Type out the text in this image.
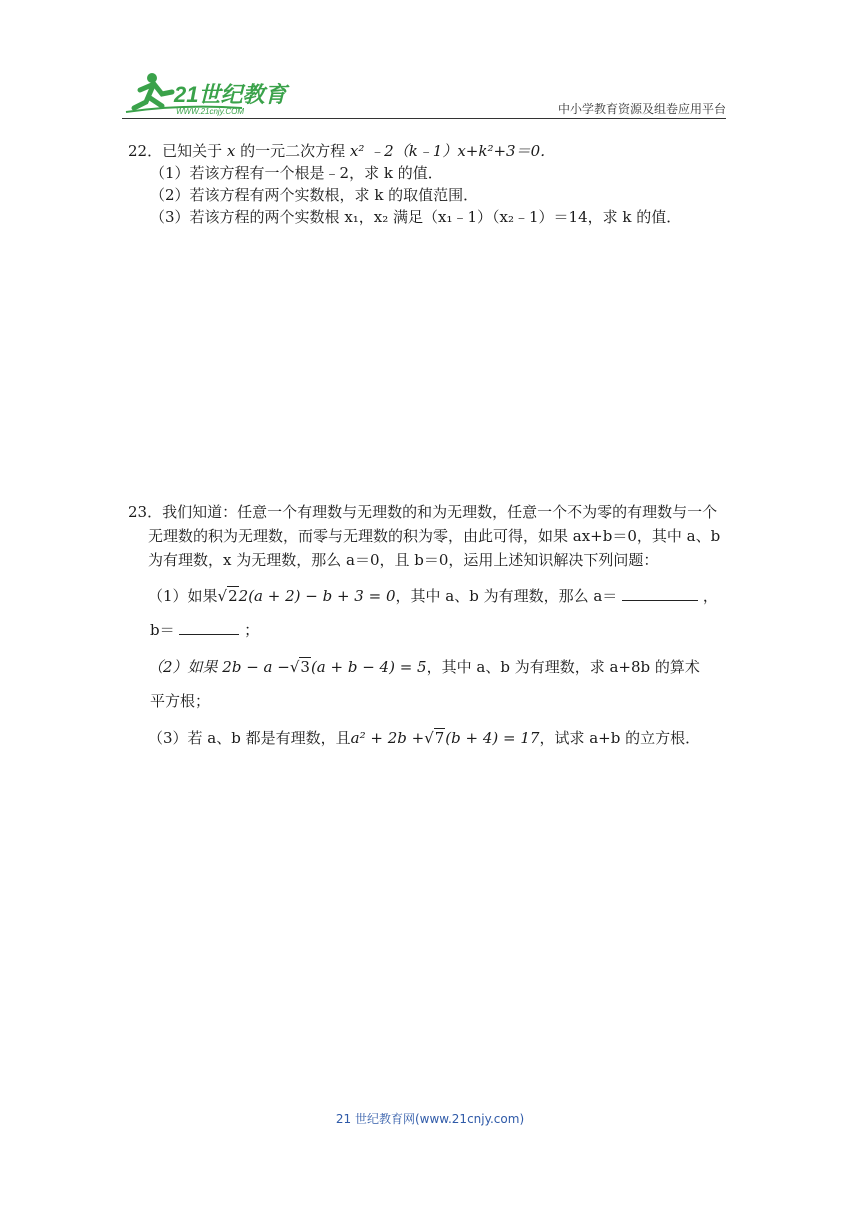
21世纪教育
WWW.21cnjy.COM	中小学教育资源及组卷应用平台

22．已知关于 x 的一元二次方程 x² ﹣2（k﹣1）x+k²+3＝0．

（1）若该方程有一个根是﹣2，求 k 的值．

（2）若该方程有两个实数根，求 k 的取值范围．

（3）若该方程的两个实数根 x₁，x₂ 满足（x₁﹣1）（x₂﹣1）＝14，求 k 的值．

23．我们知道：任意一个有理数与无理数的和为无理数，任意一个不为零的有理数与一个无理数的积为无理数，而零与无理数的积为零，由此可得，如果 ax+b＝0，其中 a、b 为有理数，x 为无理数，那么 a＝0，且 b＝0，运用上述知识解决下列问题：

（1）如果√22(a + 2) − b + 3 = 0，其中 a、b 为有理数，那么 a＝	，

b＝	；

（2）如果 2b − a −√3(a + b − 4) = 5，其中 a、b 为有理数，求 a+8b 的算术

平方根；

（3）若 a、b 都是有理数，且a² + 2b +√7(b + 4) = 17，试求 a+b 的立方根．

21 世纪教育网(www.21cnjy.com)
